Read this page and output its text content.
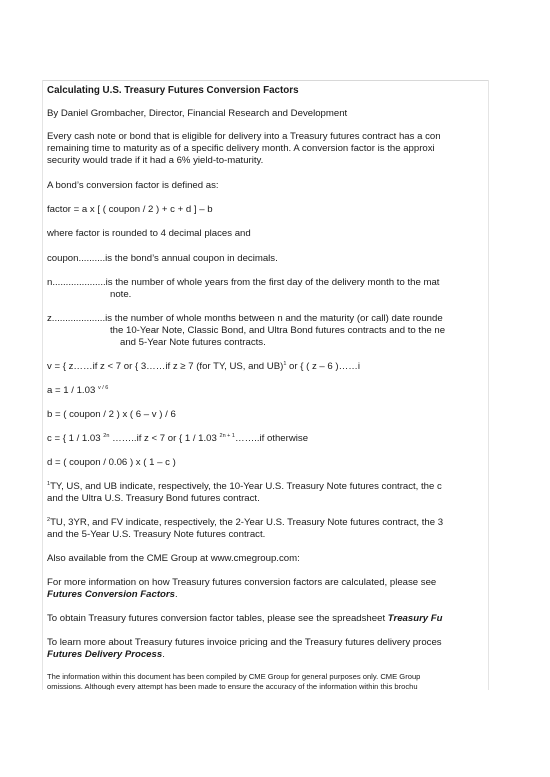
Calculating U.S. Treasury Futures Conversion Factors
By Daniel Grombacher, Director, Financial Research and Development
Every cash note or bond that is eligible for delivery into a Treasury futures contract has a con
remaining time to maturity as of a specific delivery month. A conversion factor is the approxi
security would trade if it had a 6% yield-to-maturity.
A bond’s conversion factor is defined as:
factor = a x [ ( coupon / 2 ) + c + d ] – b
where factor is rounded to 4 decimal places and
coupon..........is the bond’s annual coupon in decimals.
n....................is the number of whole years from the first day of the delivery month to the mat
note.
z....................is the number of whole months between n and the maturity (or call) date rounde
the 10-Year Note, Classic Bond, and Ultra Bond futures contracts and to the ne
and 5-Year Note futures contracts.
v = { z……if z < 7 or { 3……if z ≥ 7 (for TY, US, and UB)$^1$ or { ( z – 6 )……i
a = 1 / 1.03 $^{v / 6}$
b = ( coupon / 2 ) x ( 6 – v ) / 6
c = { 1 / 1.03 $^{2n}$ ……..if z < 7 or { 1 / 1.03 $^{2n + 1}$……..if otherwise
d = ( coupon / 0.06 ) x ( 1 – c )
$^1$TY, US, and UB indicate, respectively, the 10-Year U.S. Treasury Note futures contract, the c
and the Ultra U.S. Treasury Bond futures contract.
$^2$TU, 3YR, and FV indicate, respectively, the 2-Year U.S. Treasury Note futures contract, the 3
and the 5-Year U.S. Treasury Note futures contract.
Also available from the CME Group at www.cmegroup.com:
For more information on how Treasury futures conversion factors are calculated, please see
Futures Conversion Factors.
To obtain Treasury futures conversion factor tables, please see the spreadsheet Treasury Fu
To learn more about Treasury futures invoice pricing and the Treasury futures delivery proces
Futures Delivery Process.
The information within this document has been compiled by CME Group for general purposes only. CME Group
omissions. Although every attempt has been made to ensure the accuracy of the information within this brochu
